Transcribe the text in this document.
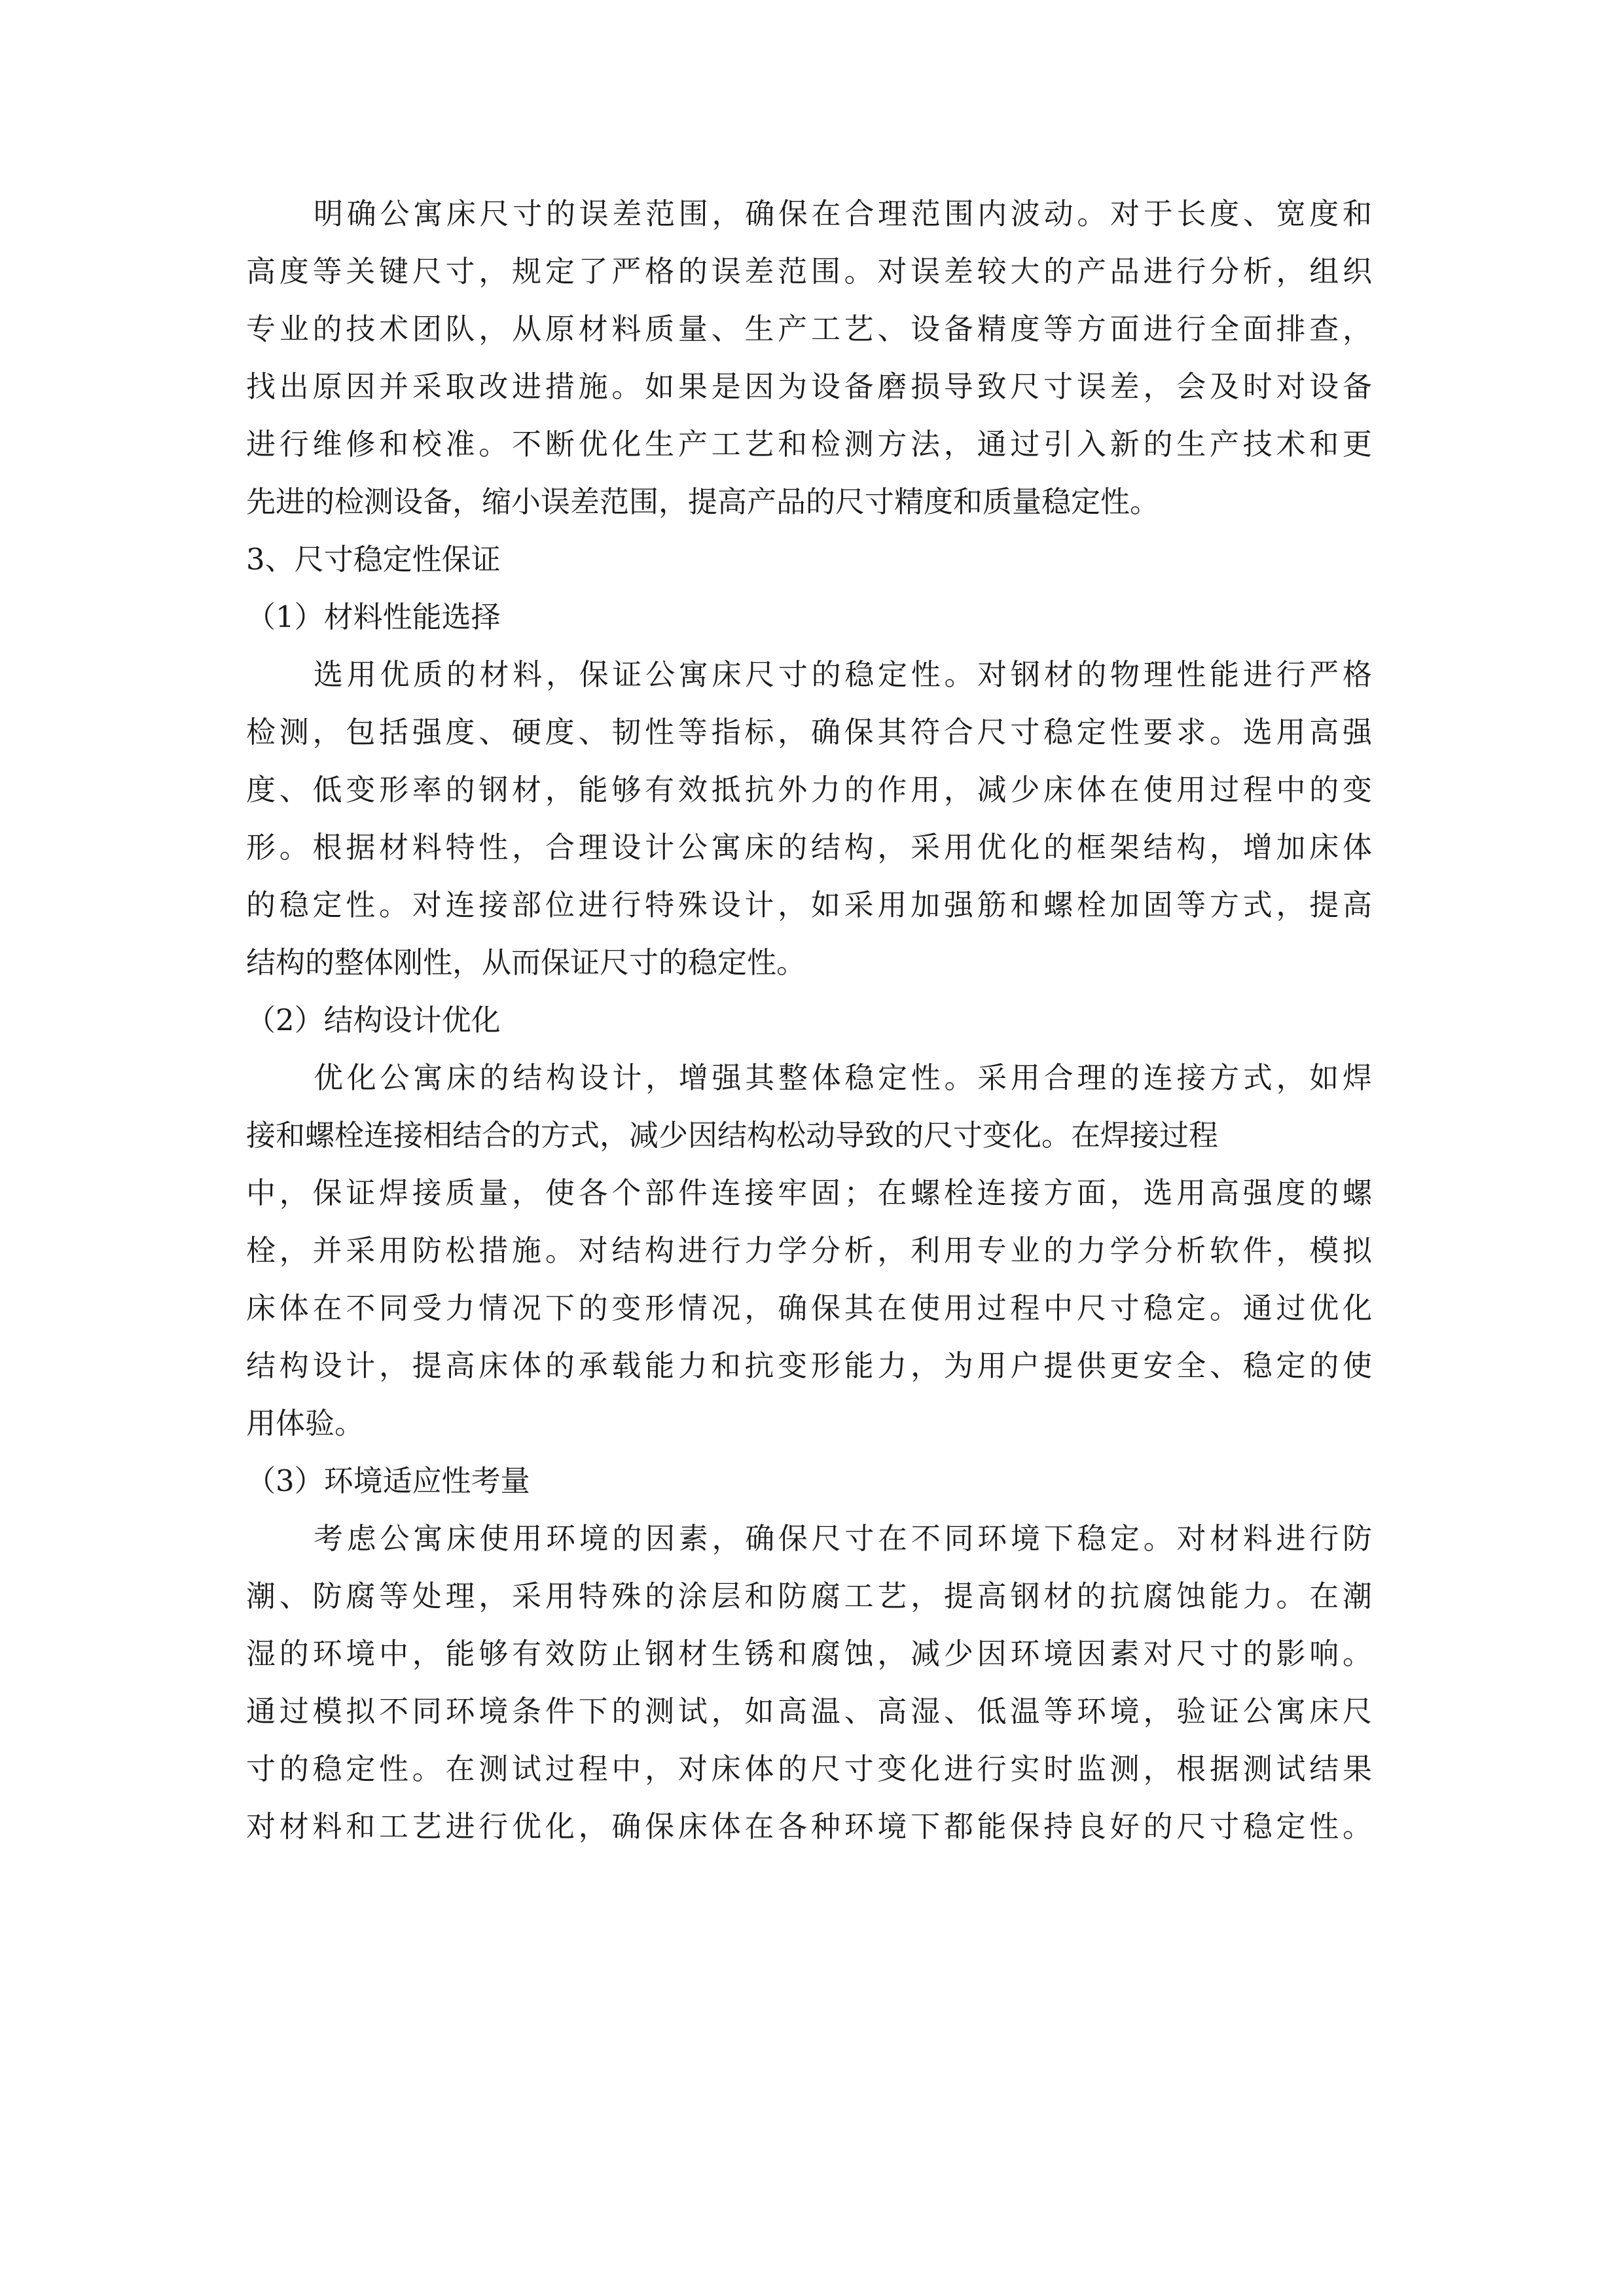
明确公寓床尺寸的误差范围，确保在合理范围内波动。对于长度、宽度和
高度等关键尺寸，规定了严格的误差范围。对误差较大的产品进行分析，组织
专业的技术团队，从原材料质量、生产工艺、设备精度等方面进行全面排查，
找出原因并采取改进措施。如果是因为设备磨损导致尺寸误差，会及时对设备
进行维修和校准。不断优化生产工艺和检测方法，通过引入新的生产技术和更
先进的检测设备，缩小误差范围，提高产品的尺寸精度和质量稳定性。
3、尺寸稳定性保证
（1）材料性能选择
选用优质的材料，保证公寓床尺寸的稳定性。对钢材的物理性能进行严格
检测，包括强度、硬度、韧性等指标，确保其符合尺寸稳定性要求。选用高强
度、低变形率的钢材，能够有效抵抗外力的作用，减少床体在使用过程中的变
形。根据材料特性，合理设计公寓床的结构，采用优化的框架结构，增加床体
的稳定性。对连接部位进行特殊设计，如采用加强筋和螺栓加固等方式，提高
结构的整体刚性，从而保证尺寸的稳定性。
（2）结构设计优化
优化公寓床的结构设计，增强其整体稳定性。采用合理的连接方式，如焊
接和螺栓连接相结合的方式，减少因结构松动导致的尺寸变化。在焊接过程
中，保证焊接质量，使各个部件连接牢固；在螺栓连接方面，选用高强度的螺
栓，并采用防松措施。对结构进行力学分析，利用专业的力学分析软件，模拟
床体在不同受力情况下的变形情况，确保其在使用过程中尺寸稳定。通过优化
结构设计，提高床体的承载能力和抗变形能力，为用户提供更安全、稳定的使
用体验。
（3）环境适应性考量
考虑公寓床使用环境的因素，确保尺寸在不同环境下稳定。对材料进行防
潮、防腐等处理，采用特殊的涂层和防腐工艺，提高钢材的抗腐蚀能力。在潮
湿的环境中，能够有效防止钢材生锈和腐蚀，减少因环境因素对尺寸的影响。
通过模拟不同环境条件下的测试，如高温、高湿、低温等环境，验证公寓床尺
寸的稳定性。在测试过程中，对床体的尺寸变化进行实时监测，根据测试结果
对材料和工艺进行优化，确保床体在各种环境下都能保持良好的尺寸稳定性。
